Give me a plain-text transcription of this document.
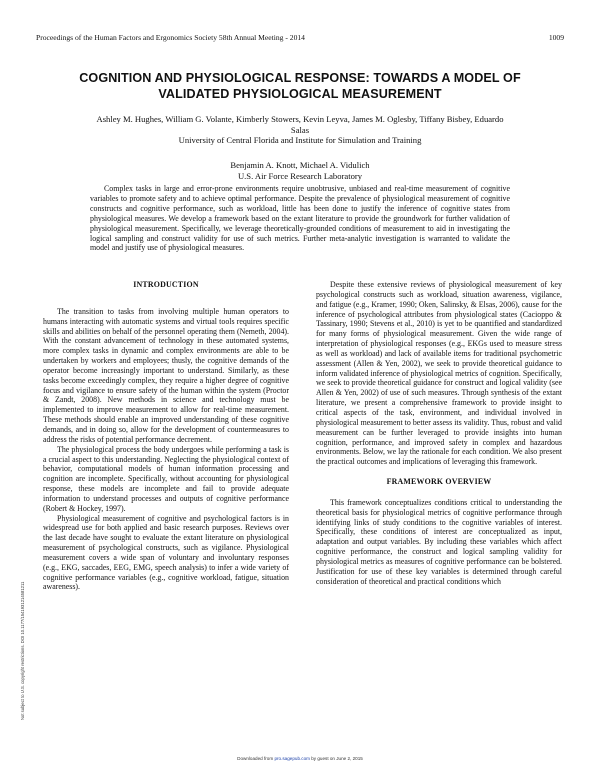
Proceedings of the Human Factors and Ergonomics Society 58th Annual Meeting - 2014	1009
COGNITION AND PHYSIOLOGICAL RESPONSE: TOWARDS A MODEL OF VALIDATED PHYSIOLOGICAL MEASUREMENT
Ashley M. Hughes, William G. Volante, Kimberly Stowers, Kevin Leyva, James M. Oglesby, Tiffany Bisbey, Eduardo Salas
University of Central Florida and Institute for Simulation and Training
Benjamin A. Knott, Michael A. Vidulich
U.S. Air Force Research Laboratory
Complex tasks in large and error-prone environments require unobtrusive, unbiased and real-time measurement of cognitive variables to promote safety and to achieve optimal performance. Despite the prevalence of physiological measurement of cognitive constructs and cognitive performance, such as workload, little has been done to justify the inference of cognitive states from physiological measures. We develop a framework based on the extant literature to provide the groundwork for further validation of physiological measurement. Specifically, we leverage theoretically-grounded conditions of measurement to aid in investigating the logical sampling and construct validity for use of such metrics. Further meta-analytic investigation is warranted to validate the model and justify use of physiological measures.
INTRODUCTION

The transition to tasks from involving multiple human operators to humans interacting with automatic systems and virtual tools requires specific skills and abilities on behalf of the personnel operating them (Nemeth, 2004). With the constant advancement of technology in these automated systems, more complex tasks in dynamic and complex environments are able to be undertaken by workers and employees; thusly, the cognitive demands of the operator become increasingly important to understand. Similarly, as these tasks become exceedingly complex, they require a higher degree of cognitive focus and vigilance to ensure safety of the human within the system (Proctor & Zandt, 2008). New methods in science and technology must be implemented to improve measurement to allow for real-time measurement. These methods should enable an improved understanding of these cognitive demands, and in doing so, allow for the development of countermeasures to address the risks of potential performance decrement.

The physiological process the body undergoes while performing a task is a crucial aspect to this understanding. Neglecting the physiological context of behavior, computational models of human information processing and cognition are incomplete. Specifically, without accounting for physiological response, these models are incomplete and fail to provide adequate information to understand processes and outputs of cognitive performance (Robert & Hockey, 1997).

Physiological measurement of cognitive and psychological factors is in widespread use for both applied and basic research purposes. Reviews over the last decade have sought to evaluate the extant literature on physiological measurement of psychological constructs, such as vigilance. Physiological measurement covers a wide span of voluntary and involuntary responses (e.g., EKG, saccades, EEG, EMG, speech analysis) to infer a wide variety of cognitive performance variables (e.g., cognitive workload, fatigue, situation awareness).

Despite these extensive reviews of physiological measurement of key psychological constructs such as workload, situation awareness, vigilance, and fatigue (e.g., Kramer, 1990; Oken, Salinsky, & Elsas, 2006), cause for the inference of psychological attributes from physiological states (Cacioppo & Tassinary, 1990; Stevens et al., 2010) is yet to be quantified and standardized for many forms of physiological measurement. Given the wide range of interpretation of physiological responses (e.g., EKGs used to measure stress as well as workload) and lack of available items for traditional psychometric assessment (Allen & Yen, 2002), we seek to provide theoretical guidance to inform validated inference of physiological metrics of cognition. Specifically, we seek to provide theoretical guidance for construct and logical validity (see Allen & Yen, 2002) of use of such measures. Through synthesis of the extant literature, we present a comprehensive framework to provide insight to critical aspects of the task, environment, and individual involved in physiological measurement to better assess its validity. Thus, robust and valid measurement can be further leveraged to provide insights into human cognition, performance, and improved safety in complex and hazardous environments. Below, we lay the rationale for each condition. We also present the practical outcomes and implications of leveraging this framework.

FRAMEWORK OVERVIEW

This framework conceptualizes conditions critical to understanding the theoretical basis for physiological metrics of cognitive performance through identifying links of study conditions to the cognitive variables of interest. Specifically, these conditions of interest are conceptualized as input, adaptation and output variables. By including these variables which affect cognitive performance, the construct and logical sampling validity for physiological metrics as measures of cognitive performance can be bolstered. Justification for use of these key variables is determined through careful consideration of theoretical and practical conditions which

Not subject to U.S. copyright restrictions. DOI 10.1177/1541931214581211
Downloaded from pro.sagepub.com by guest on June 2, 2015
